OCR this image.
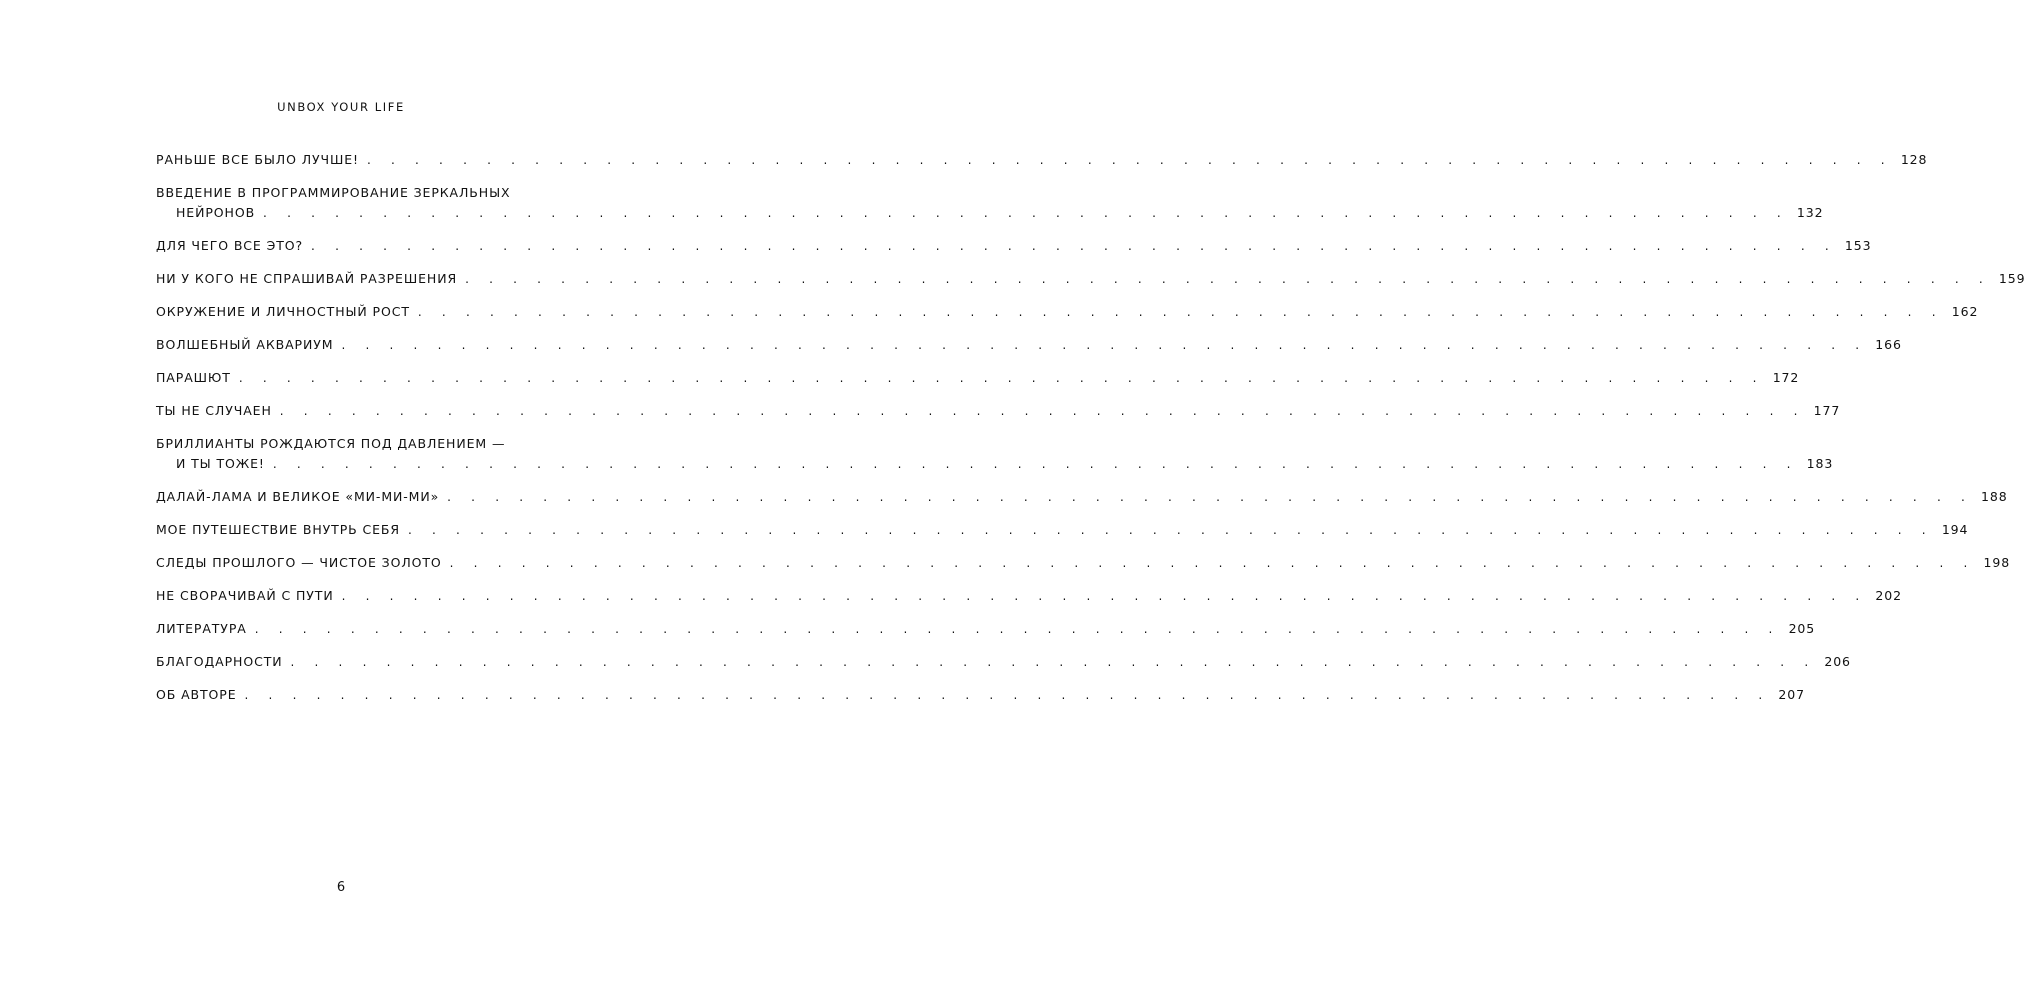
UNBOX YOUR LIFE
РАНЬШЕ ВСЕ БЫЛО ЛУЧШЕ! . . . . . . . . . . . . . . . . . . . . . . . . . . . . . . . . . . . . . . . . . . . . . . . . . . . . . . . . . . . . . . . . 128
ВВЕДЕНИЕ В ПРОГРАММИРОВАНИЕ ЗЕРКАЛЬНЫХ
НЕЙРОНОВ . . . . . . . . . . . . . . . . . . . . . . . . . . . . . . . . . . . . . . . . . . . . . . . . . . . . . . . . . . . . . . . . 132
ДЛЯ ЧЕГО ВСЕ ЭТО? . . . . . . . . . . . . . . . . . . . . . . . . . . . . . . . . . . . . . . . . . . . . . . . . . . . . . . . . . . . . . . . . 153
НИ У КОГО НЕ СПРАШИВАЙ РАЗРЕШЕНИЯ . . . . . . . . . . . . . . . . . . . . . . . . . . . . . . . . . . . . . . . . . . . . . . . . . . . . . . . . . . . . . . . . 159
ОКРУЖЕНИЕ И ЛИЧНОСТНЫЙ РОСТ . . . . . . . . . . . . . . . . . . . . . . . . . . . . . . . . . . . . . . . . . . . . . . . . . . . . . . . . . . . . . . . . 162
ВОЛШЕБНЫЙ АКВАРИУМ . . . . . . . . . . . . . . . . . . . . . . . . . . . . . . . . . . . . . . . . . . . . . . . . . . . . . . . . . . . . . . . . 166
ПАРАШЮТ . . . . . . . . . . . . . . . . . . . . . . . . . . . . . . . . . . . . . . . . . . . . . . . . . . . . . . . . . . . . . . . . 172
ТЫ НЕ СЛУЧАЕН . . . . . . . . . . . . . . . . . . . . . . . . . . . . . . . . . . . . . . . . . . . . . . . . . . . . . . . . . . . . . . . . 177
БРИЛЛИАНТЫ РОЖДАЮТСЯ ПОД ДАВЛЕНИЕМ —
И ТЫ ТОЖЕ! . . . . . . . . . . . . . . . . . . . . . . . . . . . . . . . . . . . . . . . . . . . . . . . . . . . . . . . . . . . . . . . . 183
ДАЛАЙ-ЛАМА И ВЕЛИКОЕ «МИ-МИ-МИ» . . . . . . . . . . . . . . . . . . . . . . . . . . . . . . . . . . . . . . . . . . . . . . . . . . . . . . . . . . . . . . . . 188
МОЕ ПУТЕШЕСТВИЕ ВНУТРЬ СЕБЯ . . . . . . . . . . . . . . . . . . . . . . . . . . . . . . . . . . . . . . . . . . . . . . . . . . . . . . . . . . . . . . . . 194
СЛЕДЫ ПРОШЛОГО — ЧИСТОЕ ЗОЛОТО . . . . . . . . . . . . . . . . . . . . . . . . . . . . . . . . . . . . . . . . . . . . . . . . . . . . . . . . . . . . . . . . 198
НЕ СВОРАЧИВАЙ С ПУТИ . . . . . . . . . . . . . . . . . . . . . . . . . . . . . . . . . . . . . . . . . . . . . . . . . . . . . . . . . . . . . . . . 202
ЛИТЕРАТУРА . . . . . . . . . . . . . . . . . . . . . . . . . . . . . . . . . . . . . . . . . . . . . . . . . . . . . . . . . . . . . . . . 205
БЛАГОДАРНОСТИ . . . . . . . . . . . . . . . . . . . . . . . . . . . . . . . . . . . . . . . . . . . . . . . . . . . . . . . . . . . . . . . . 206
ОБ АВТОРЕ . . . . . . . . . . . . . . . . . . . . . . . . . . . . . . . . . . . . . . . . . . . . . . . . . . . . . . . . . . . . . . . . 207
6
